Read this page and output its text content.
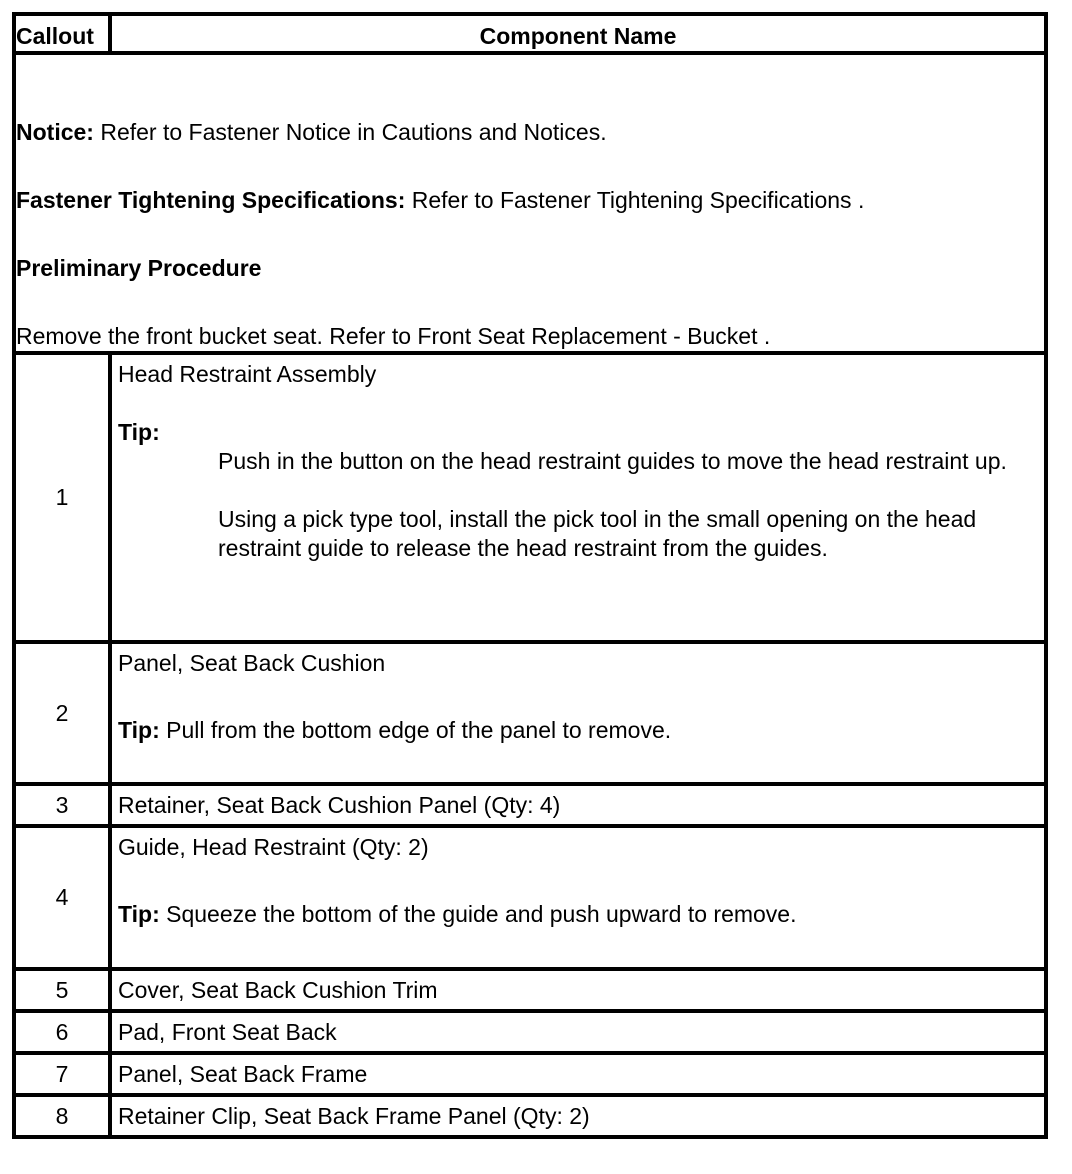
Callout	Component Name

Notice: Refer to Fastener Notice in Cautions and Notices.
Fastener Tightening Specifications: Refer to Fastener Tightening Specifications .
Preliminary Procedure
Remove the front bucket seat. Refer to Front Seat Replacement - Bucket .	

1	Head Restraint Assembly
Tip:
Push in the button on the head restraint guides to move the head restraint up.
Using a pick type tool, install the pick tool in the small opening on the head restraint guide to release the head restraint from the guides.

2	Panel, Seat Back Cushion
Tip: Pull from the bottom edge of the panel to remove.

3	Retainer, Seat Back Cushion Panel (Qty: 4)
4	Guide, Head Restraint (Qty: 2)
Tip: Squeeze the bottom of the guide and push upward to remove.

5	Cover, Seat Back Cushion Trim
6	Pad, Front Seat Back
7	Panel, Seat Back Frame
8	Retainer Clip, Seat Back Frame Panel (Qty: 2)
